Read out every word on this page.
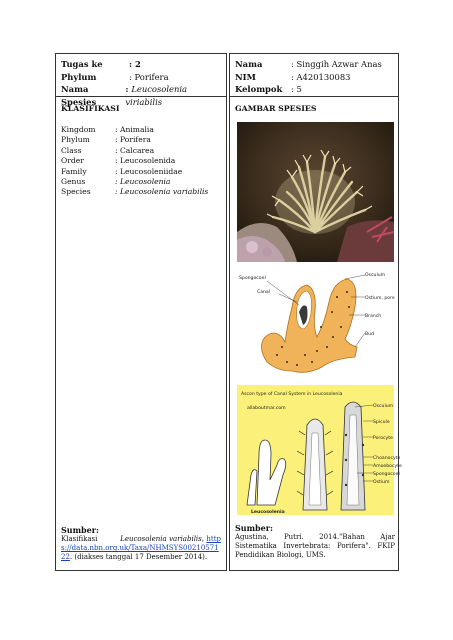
Tugas ke	: 2
Phylum	: Porifera
Nama Spesies
: Leucosolenia viriabilis
Nama	: Singgih Azwar Anas
NIM	: A420130083
Kelompok	: 5
KLASIFIKASI
Kingdom	: Animalia
Phylum	: Porifera
Class	: Calcarea
Order	: Leucosolenida
Family	: Leucosoleniidae
Genus	: Leucosolenia
Species	: Leucosolenia variabilis
Sumber:
Klasifikasi	Leucosolenia variabilis, https://data.nbn.org.uk/Taxa/NHMSYS0021057122. (diakses tanggal 17 Desember 2014).
GAMBAR SPESIES
Spongocoel
Osculum
Canal
Ostium, pore
Branch
Bud
Ascon type of Canal System in Leucosolenia
allaboutmar.com	Osculum
Spicule
Porocyte
Choanocyte
Amoebocyte
Spongocoel
Ostium
Leucosolenia
Sumber:
Agustina, Putri. 2014."Bahan Ajar Sistematika Invertebrata: Porifera". FKIP Pendidikan Biologi, UMS.
